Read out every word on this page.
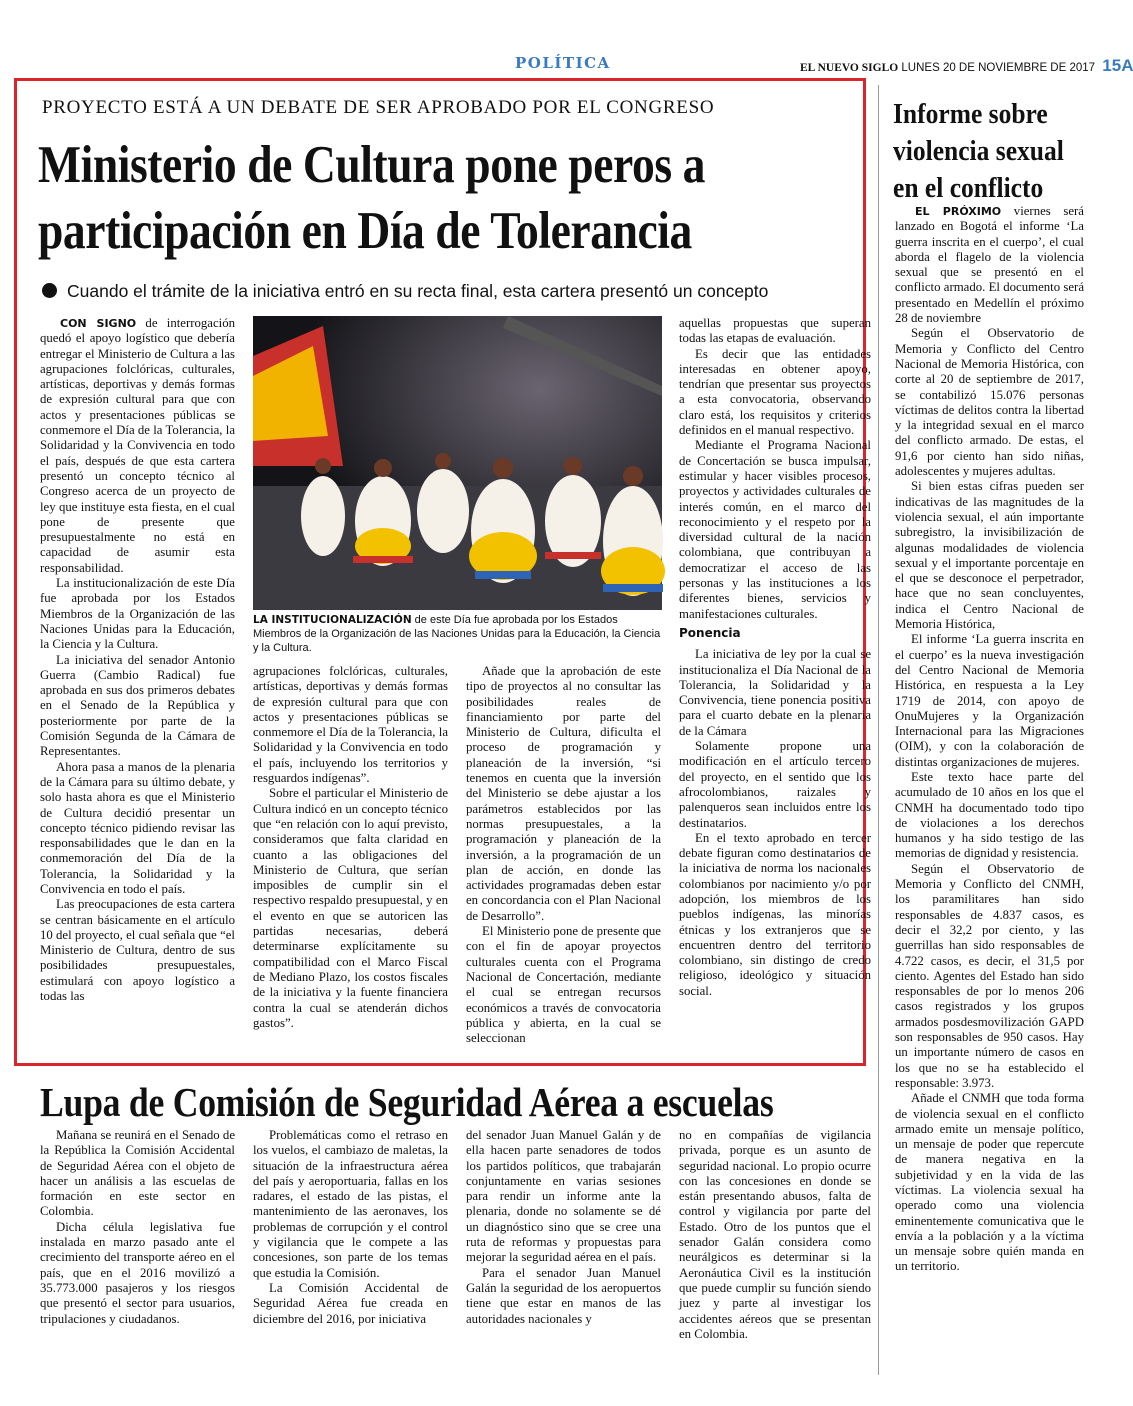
POLÍTICA	EL NUEVO SIGLO LUNES 20 DE NOVIEMBRE DE 2017 15A
PROYECTO ESTÁ A UN DEBATE DE SER APROBADO POR EL CONGRESO
Ministerio de Cultura pone peros a
participación en Día de Tolerancia
Cuando el trámite de la iniciativa entró en su recta final, esta cartera presentó un concepto

CON SIGNO de interrogación quedó el apoyo logístico que debería entregar el Ministerio de Cultura a las agrupaciones folclóricas, culturales, artísticas, deportivas y demás formas de expresión cultural para que con actos y presentaciones públicas se conmemore el Día de la Tolerancia, la Solidaridad y la Convivencia en todo el país, después de que esta cartera presentó un concepto técnico al Congreso acerca de un proyecto de ley que instituye esta fiesta, en el cual pone de presente que presupuestalmente no está en capacidad de asumir esta responsabilidad.

La institucionalización de este Día fue aprobada por los Estados Miembros de la Organización de las Naciones Unidas para la Educación, la Ciencia y la Cultura.

La iniciativa del senador Antonio Guerra (Cambio Radical) fue aprobada en sus dos primeros debates en el Senado de la República y posteriormente por parte de la Comisión Segunda de la Cámara de Representantes.

Ahora pasa a manos de la plenaria de la Cámara para su último debate, y solo hasta ahora es que el Ministerio de Cultura decidió presentar un concepto técnico pidiendo revisar las responsabilidades que le dan en la conmemoración del Día de la Tolerancia, la Solidaridad y la Convivencia en todo el país.

Las preocupaciones de esta cartera se centran básicamente en el artículo 10 del proyecto, el cual señala que “el Ministerio de Cultura, dentro de sus posibilidades presupuestales, estimulará con apoyo logístico a todas las

LA INSTITUCIONALIZACIÓN de este Día fue aprobada por los Estados Miembros de la Organización de las Naciones Unidas para la Educación, la Ciencia y la Cultura.

agrupaciones folclóricas, culturales, artísticas, deportivas y demás formas de expresión cultural para que con actos y presentaciones públicas se conmemore el Día de la Tolerancia, la Solidaridad y la Convivencia en todo el país, incluyendo los territorios y resguardos indígenas”.

Sobre el particular el Ministerio de Cultura indicó en un concepto técnico que “en relación con lo aquí previsto, consideramos que falta claridad en cuanto a las obligaciones del Ministerio de Cultura, que serían imposibles de cumplir sin el respectivo respaldo presupuestal, y en el evento en que se autoricen las partidas necesarias, deberá determinarse explícitamente su compatibilidad con el Marco Fiscal de Mediano Plazo, los costos fiscales de la iniciativa y la fuente financiera contra la cual se atenderán dichos gastos”.

Añade que la aprobación de este tipo de proyectos al no consultar las posibilidades reales de financiamiento por parte del Ministerio de Cultura, dificulta el proceso de programación y planeación de la inversión, “si tenemos en cuenta que la inversión del Ministerio se debe ajustar a los parámetros establecidos por las normas presupuestales, a la programación y planeación de la inversión, a la programación de un plan de acción, en donde las actividades programadas deben estar en concordancia con el Plan Nacional de Desarrollo”.

El Ministerio pone de presente que con el fin de apoyar proyectos culturales cuenta con el Programa Nacional de Concertación, mediante el cual se entregan recursos económicos a través de convocatoria pública y abierta, en la cual se seleccionan

aquellas propuestas que superan todas las etapas de evaluación.

Es decir que las entidades interesadas en obtener apoyo, tendrían que presentar sus proyectos a esta convocatoria, observando claro está, los requisitos y criterios definidos en el manual respectivo.

Mediante el Programa Nacional de Concertación se busca impulsar, estimular y hacer visibles procesos, proyectos y actividades culturales de interés común, en el marco del reconocimiento y el respeto por la diversidad cultural de la nación colombiana, que contribuyan a democratizar el acceso de las personas y las instituciones a los diferentes bienes, servicios y manifestaciones culturales.

Ponencia

La iniciativa de ley por la cual se institucionaliza el Día Nacional de la Tolerancia, la Solidaridad y la Convivencia, tiene ponencia positiva para el cuarto debate en la plenaria de la Cámara

Solamente propone una modificación en el artículo tercero del proyecto, en el sentido que los afrocolombianos, raizales y palenqueros sean incluidos entre los destinatarios.

En el texto aprobado en tercer debate figuran como destinatarios de la iniciativa de norma los nacionales colombianos por nacimiento y/o por adopción, los miembros de los pueblos indígenas, las minorías étnicas y los extranjeros que se encuentren dentro del territorio colombiano, sin distingo de credo religioso, ideológico y situación social.

Informe sobre
violencia sexual
en el conflicto

EL PRÓXIMO viernes será lanzado en Bogotá el informe ‘La guerra inscrita en el cuerpo’, el cual aborda el flagelo de la violencia sexual que se presentó en el conflicto armado. El documento será presentado en Medellín el próximo 28 de noviembre

Según el Observatorio de Memoria y Conflicto del Centro Nacional de Memoria Histórica, con corte al 20 de septiembre de 2017, se contabilizó 15.076 personas víctimas de delitos contra la libertad y la integridad sexual en el marco del conflicto armado. De estas, el 91,6 por ciento han sido niñas, adolescentes y mujeres adultas.

Si bien estas cifras pueden ser indicativas de las magnitudes de la violencia sexual, el aún importante subregistro, la invisibilización de algunas modalidades de violencia sexual y el importante porcentaje en el que se desconoce el perpetrador, hace que no sean concluyentes, indica el Centro Nacional de Memoria Histórica,

El informe ‘La guerra inscrita en el cuerpo’ es la nueva investigación del Centro Nacional de Memoria Histórica, en respuesta a la Ley 1719 de 2014, con apoyo de OnuMujeres y la Organización Internacional para las Migraciones (OIM), y con la colaboración de distintas organizaciones de mujeres.

Este texto hace parte del acumulado de 10 años en los que el CNMH ha documentado todo tipo de violaciones a los derechos humanos y ha sido testigo de las memorias de dignidad y resistencia.

Según el Observatorio de Memoria y Conflicto del CNMH, los paramilitares han sido responsables de 4.837 casos, es decir el 32,2 por ciento, y las guerrillas han sido responsables de 4.722 casos, es decir, el 31,5 por ciento. Agentes del Estado han sido responsables de por lo menos 206 casos registrados y los grupos armados posdesmovilización GAPD son responsables de 950 casos. Hay un importante número de casos en los que no se ha establecido el responsable: 3.973.

Añade el CNMH que toda forma de violencia sexual en el conflicto armado emite un mensaje político, un mensaje de poder que repercute de manera negativa en la subjetividad y en la vida de las víctimas. La violencia sexual ha operado como una violencia eminentemente comunicativa que le envía a la población y a la víctima un mensaje sobre quién manda en un territorio.

Lupa de Comisión de Seguridad Aérea a escuelas

Mañana se reunirá en el Senado de la República la Comisión Accidental de Seguridad Aérea con el objeto de hacer un análisis a las escuelas de formación en este sector en Colombia.

Dicha célula legislativa fue instalada en marzo pasado ante el crecimiento del transporte aéreo en el país, que en el 2016 movilizó a 35.773.000 pasajeros y los riesgos que presentó el sector para usuarios, tripulaciones y ciudadanos.

Problemáticas como el retraso en los vuelos, el cambiazo de maletas, la situación de la infraestructura aérea del país y aeroportuaria, fallas en los radares, el estado de las pistas, el mantenimiento de las aeronaves, los problemas de corrupción y el control y vigilancia que le compete a las concesiones, son parte de los temas que estudia la Comisión.

La Comisión Accidental de Seguridad Aérea fue creada en diciembre del 2016, por iniciativa

del senador Juan Manuel Galán y de ella hacen parte senadores de todos los partidos políticos, que trabajarán conjuntamente en varias sesiones para rendir un informe ante la plenaria, donde no solamente se dé un diagnóstico sino que se cree una ruta de reformas y propuestas para mejorar la seguridad aérea en el país.

Para el senador Juan Manuel Galán la seguridad de los aeropuertos tiene que estar en manos de las autoridades nacionales y

no en compañías de vigilancia privada, porque es un asunto de seguridad nacional. Lo propio ocurre con las concesiones en donde se están presentando abusos, falta de control y vigilancia por parte del Estado. Otro de los puntos que el senador Galán considera como neurálgicos es determinar si la Aeronáutica Civil es la institución que puede cumplir su función siendo juez y parte al investigar los accidentes aéreos que se presentan en Colombia.
